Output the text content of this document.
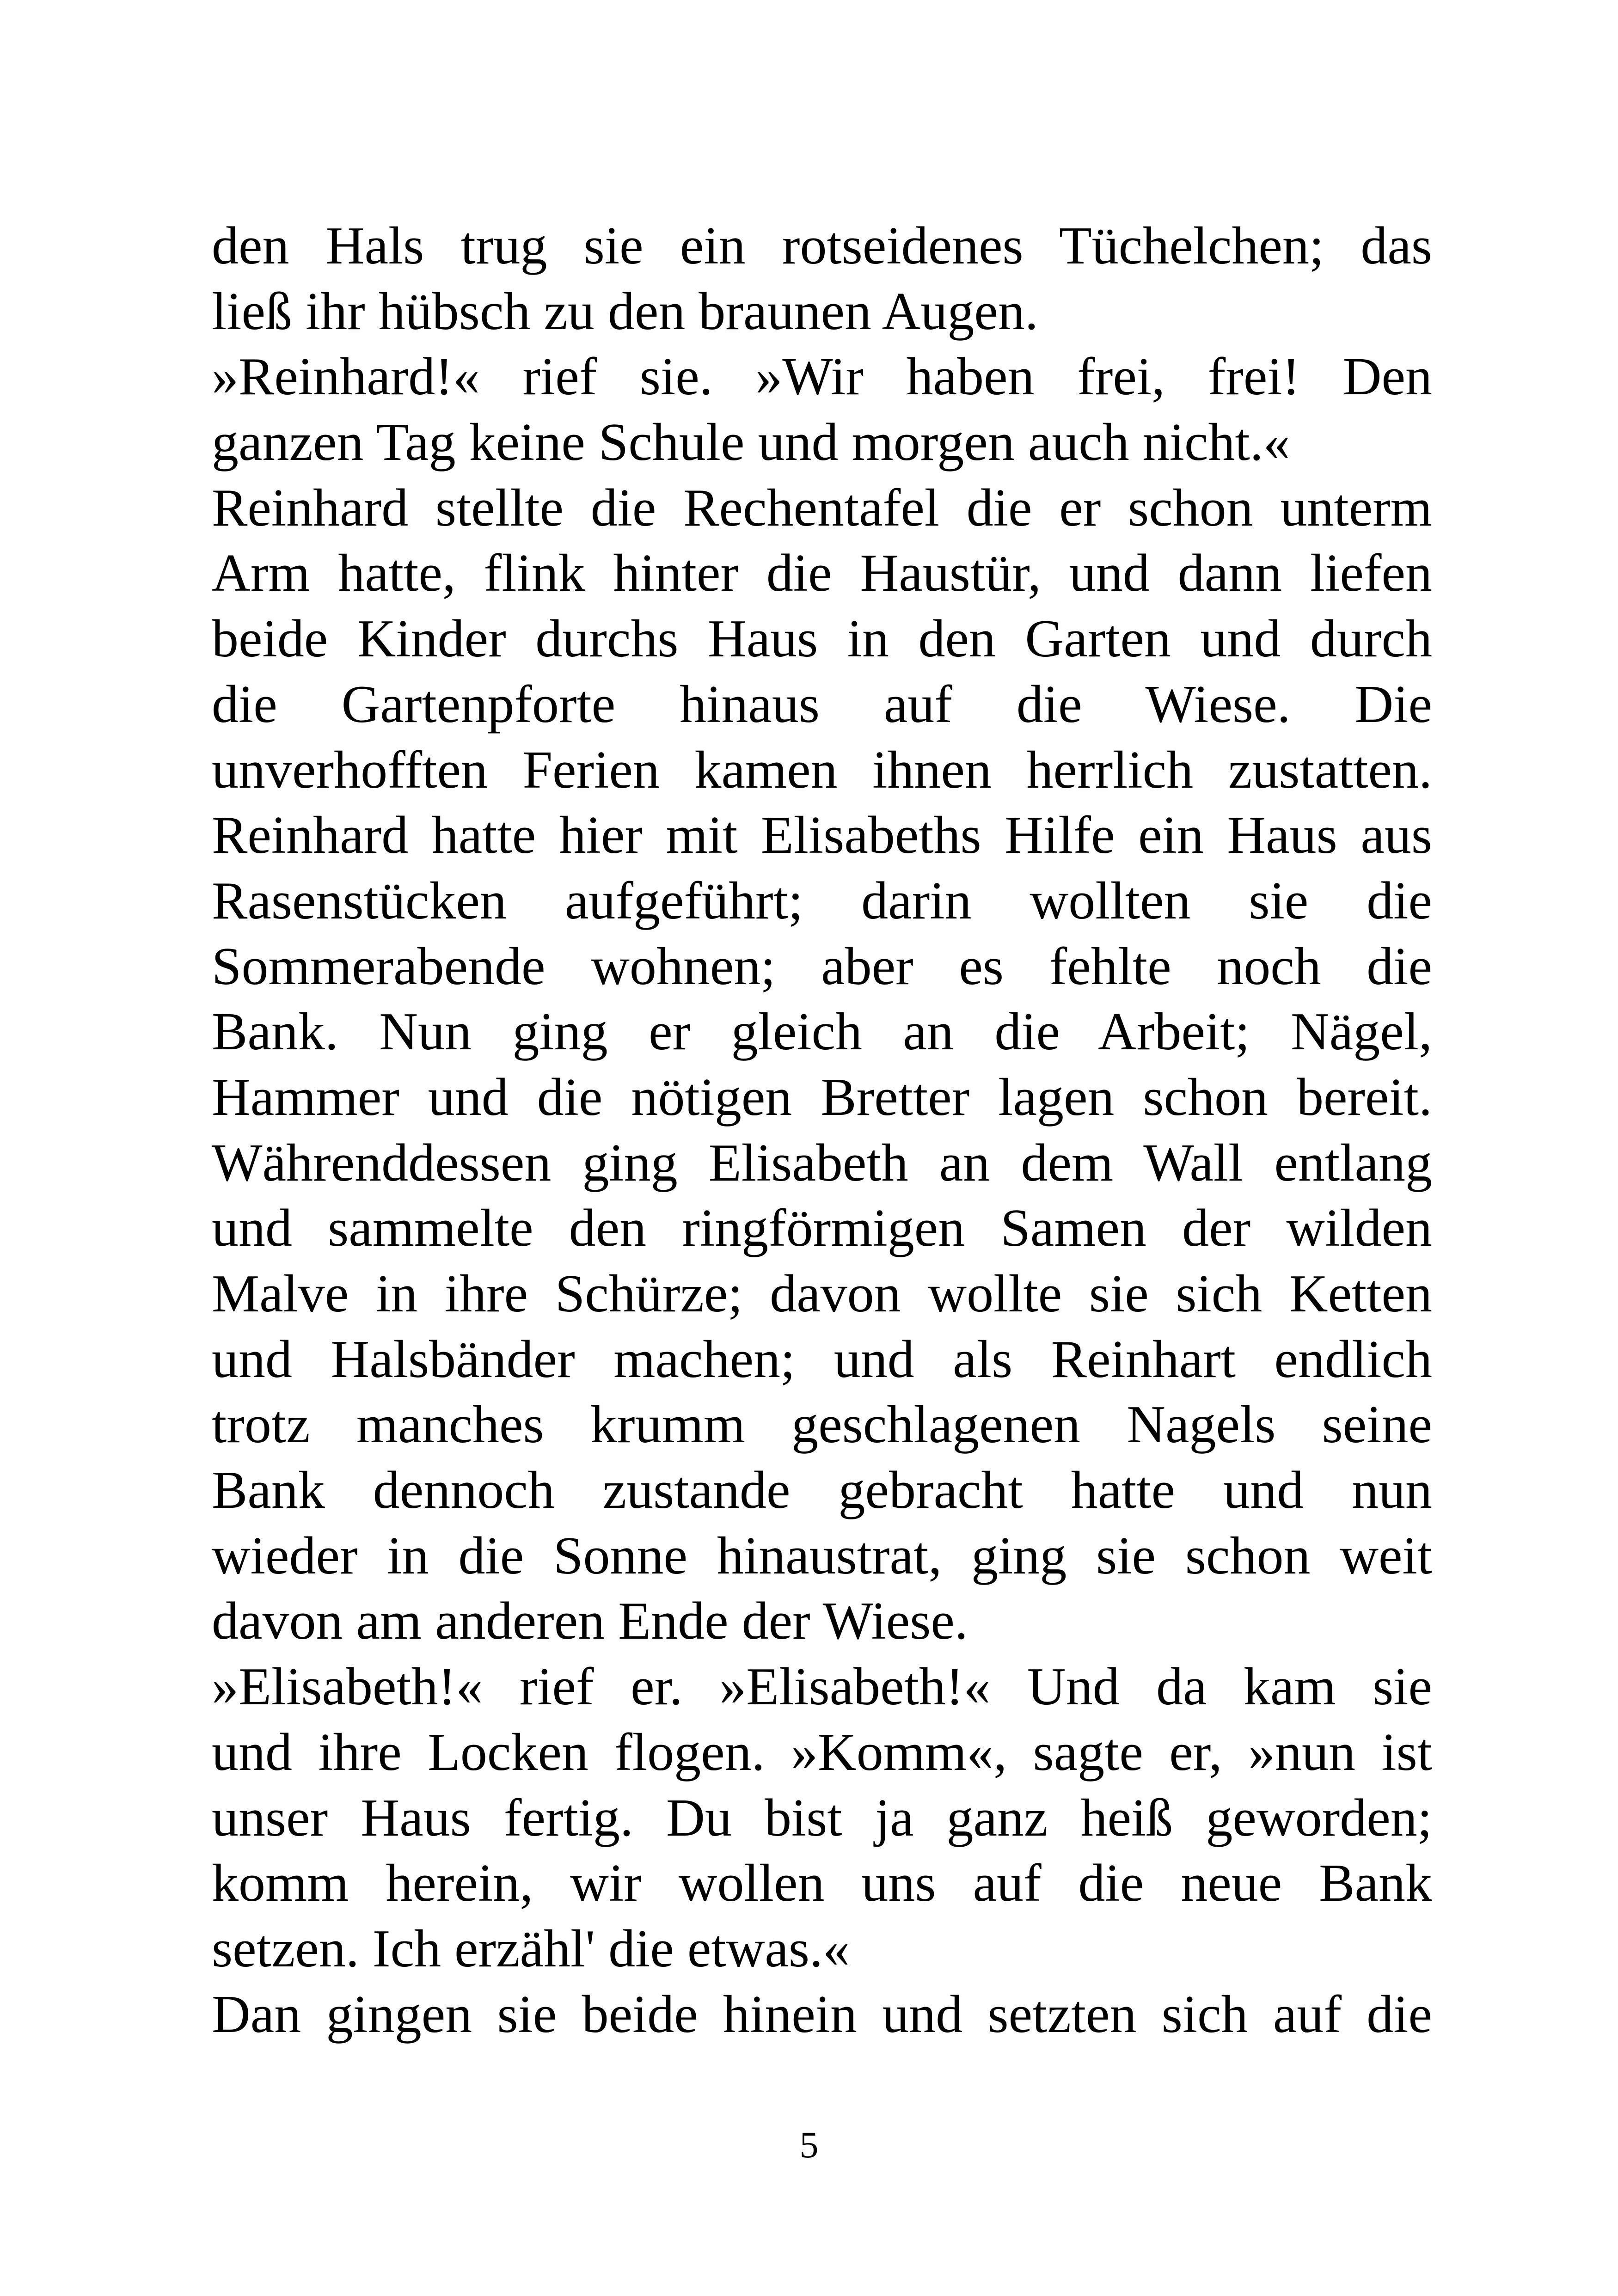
den Hals trug sie ein rotseidenes Tüchelchen; das
ließ ihr hübsch zu den braunen Augen.
»Reinhard!« rief sie. »Wir haben frei, frei! Den
ganzen Tag keine Schule und morgen auch nicht.«
Reinhard stellte die Rechentafel die er schon unterm
Arm hatte, flink hinter die Haustür, und dann liefen
beide Kinder durchs Haus in den Garten und durch
die Gartenpforte hinaus auf die Wiese. Die
unverhofften Ferien kamen ihnen herrlich zustatten.
Reinhard hatte hier mit Elisabeths Hilfe ein Haus aus
Rasenstücken aufgeführt; darin wollten sie die
Sommerabende wohnen; aber es fehlte noch die
Bank. Nun ging er gleich an die Arbeit; Nägel,
Hammer und die nötigen Bretter lagen schon bereit.
Währenddessen ging Elisabeth an dem Wall entlang
und sammelte den ringförmigen Samen der wilden
Malve in ihre Schürze; davon wollte sie sich Ketten
und Halsbänder machen; und als Reinhart endlich
trotz manches krumm geschlagenen Nagels seine
Bank dennoch zustande gebracht hatte und nun
wieder in die Sonne hinaustrat, ging sie schon weit
davon am anderen Ende der Wiese.
»Elisabeth!« rief er. »Elisabeth!« Und da kam sie
und ihre Locken flogen. »Komm«, sagte er, »nun ist
unser Haus fertig. Du bist ja ganz heiß geworden;
komm herein, wir wollen uns auf die neue Bank
setzen. Ich erzähl' die etwas.«
Dan gingen sie beide hinein und setzten sich auf die
5
